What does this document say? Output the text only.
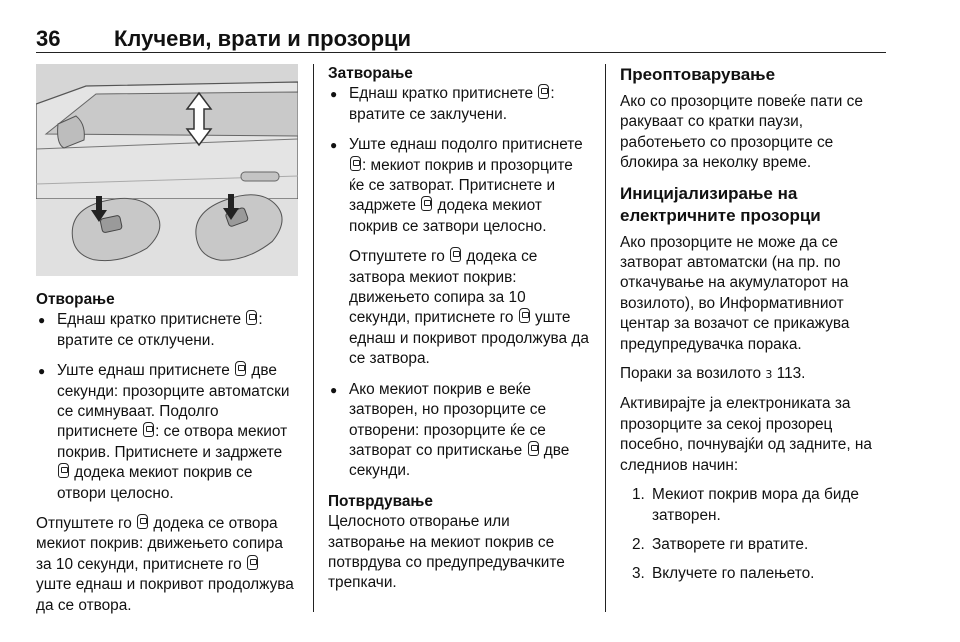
36 Клучеви, врати и прозорци

Отворање

● Еднаш кратко притиснете : вратите се отклучени.
● Уште еднаш притиснете  две секунди: прозорците автоматски се симнуваат. Подолго притиснете : се отвора мекиот покрив. Притиснете и задржете  додека мекиот покрив се отвори целосно.

Отпуштете го  додека се отвора мекиот покрив: движењето сопира за 10 секунди, притиснете го  уште еднаш и покривот продолжува да се отвора.

Затворање

● Еднаш кратко притиснете : вратите се заклучени.
● Уште еднаш подолго притиснете : мекиот покрив и прозорците ќе се затворат. Притиснете и задржете  додека мекиот покрив се затвори целосно.
Отпуштете го  додека се затвора мекиот покрив: движењето сопира за 10 секунди, притиснете го  уште еднаш и покривот продолжува да се затвора.
● Ако мекиот покрив е веќе затворен, но прозорците се отворени: прозорците ќе се затворат со притискање  две секунди.

Потврдување

Целосното отворање или затворање на мекиот покрив се потврдува со предупредувачките трепкачи.

Преоптоварување

Ако со прозорците повеќе пати се ракуваат со кратки паузи, работењето со прозорците се блокира за неколку време.

Иницијализирање на електричните прозорци

Ако прозорците не може да се затворат автоматски (на пр. по откачување на акумулаторот на возилото), во Информативниот центар за возачот се прикажува предупредувачка порака.

Пораки за возилото 3 113.

Активирајте ја електрониката за прозорците за секој прозорец посебно, почнувајќи од задните, на следниов начин:

1. Мекиот покрив мора да биде затворен.
2. Затворете ги вратите.
3. Вклучете го палењето.
